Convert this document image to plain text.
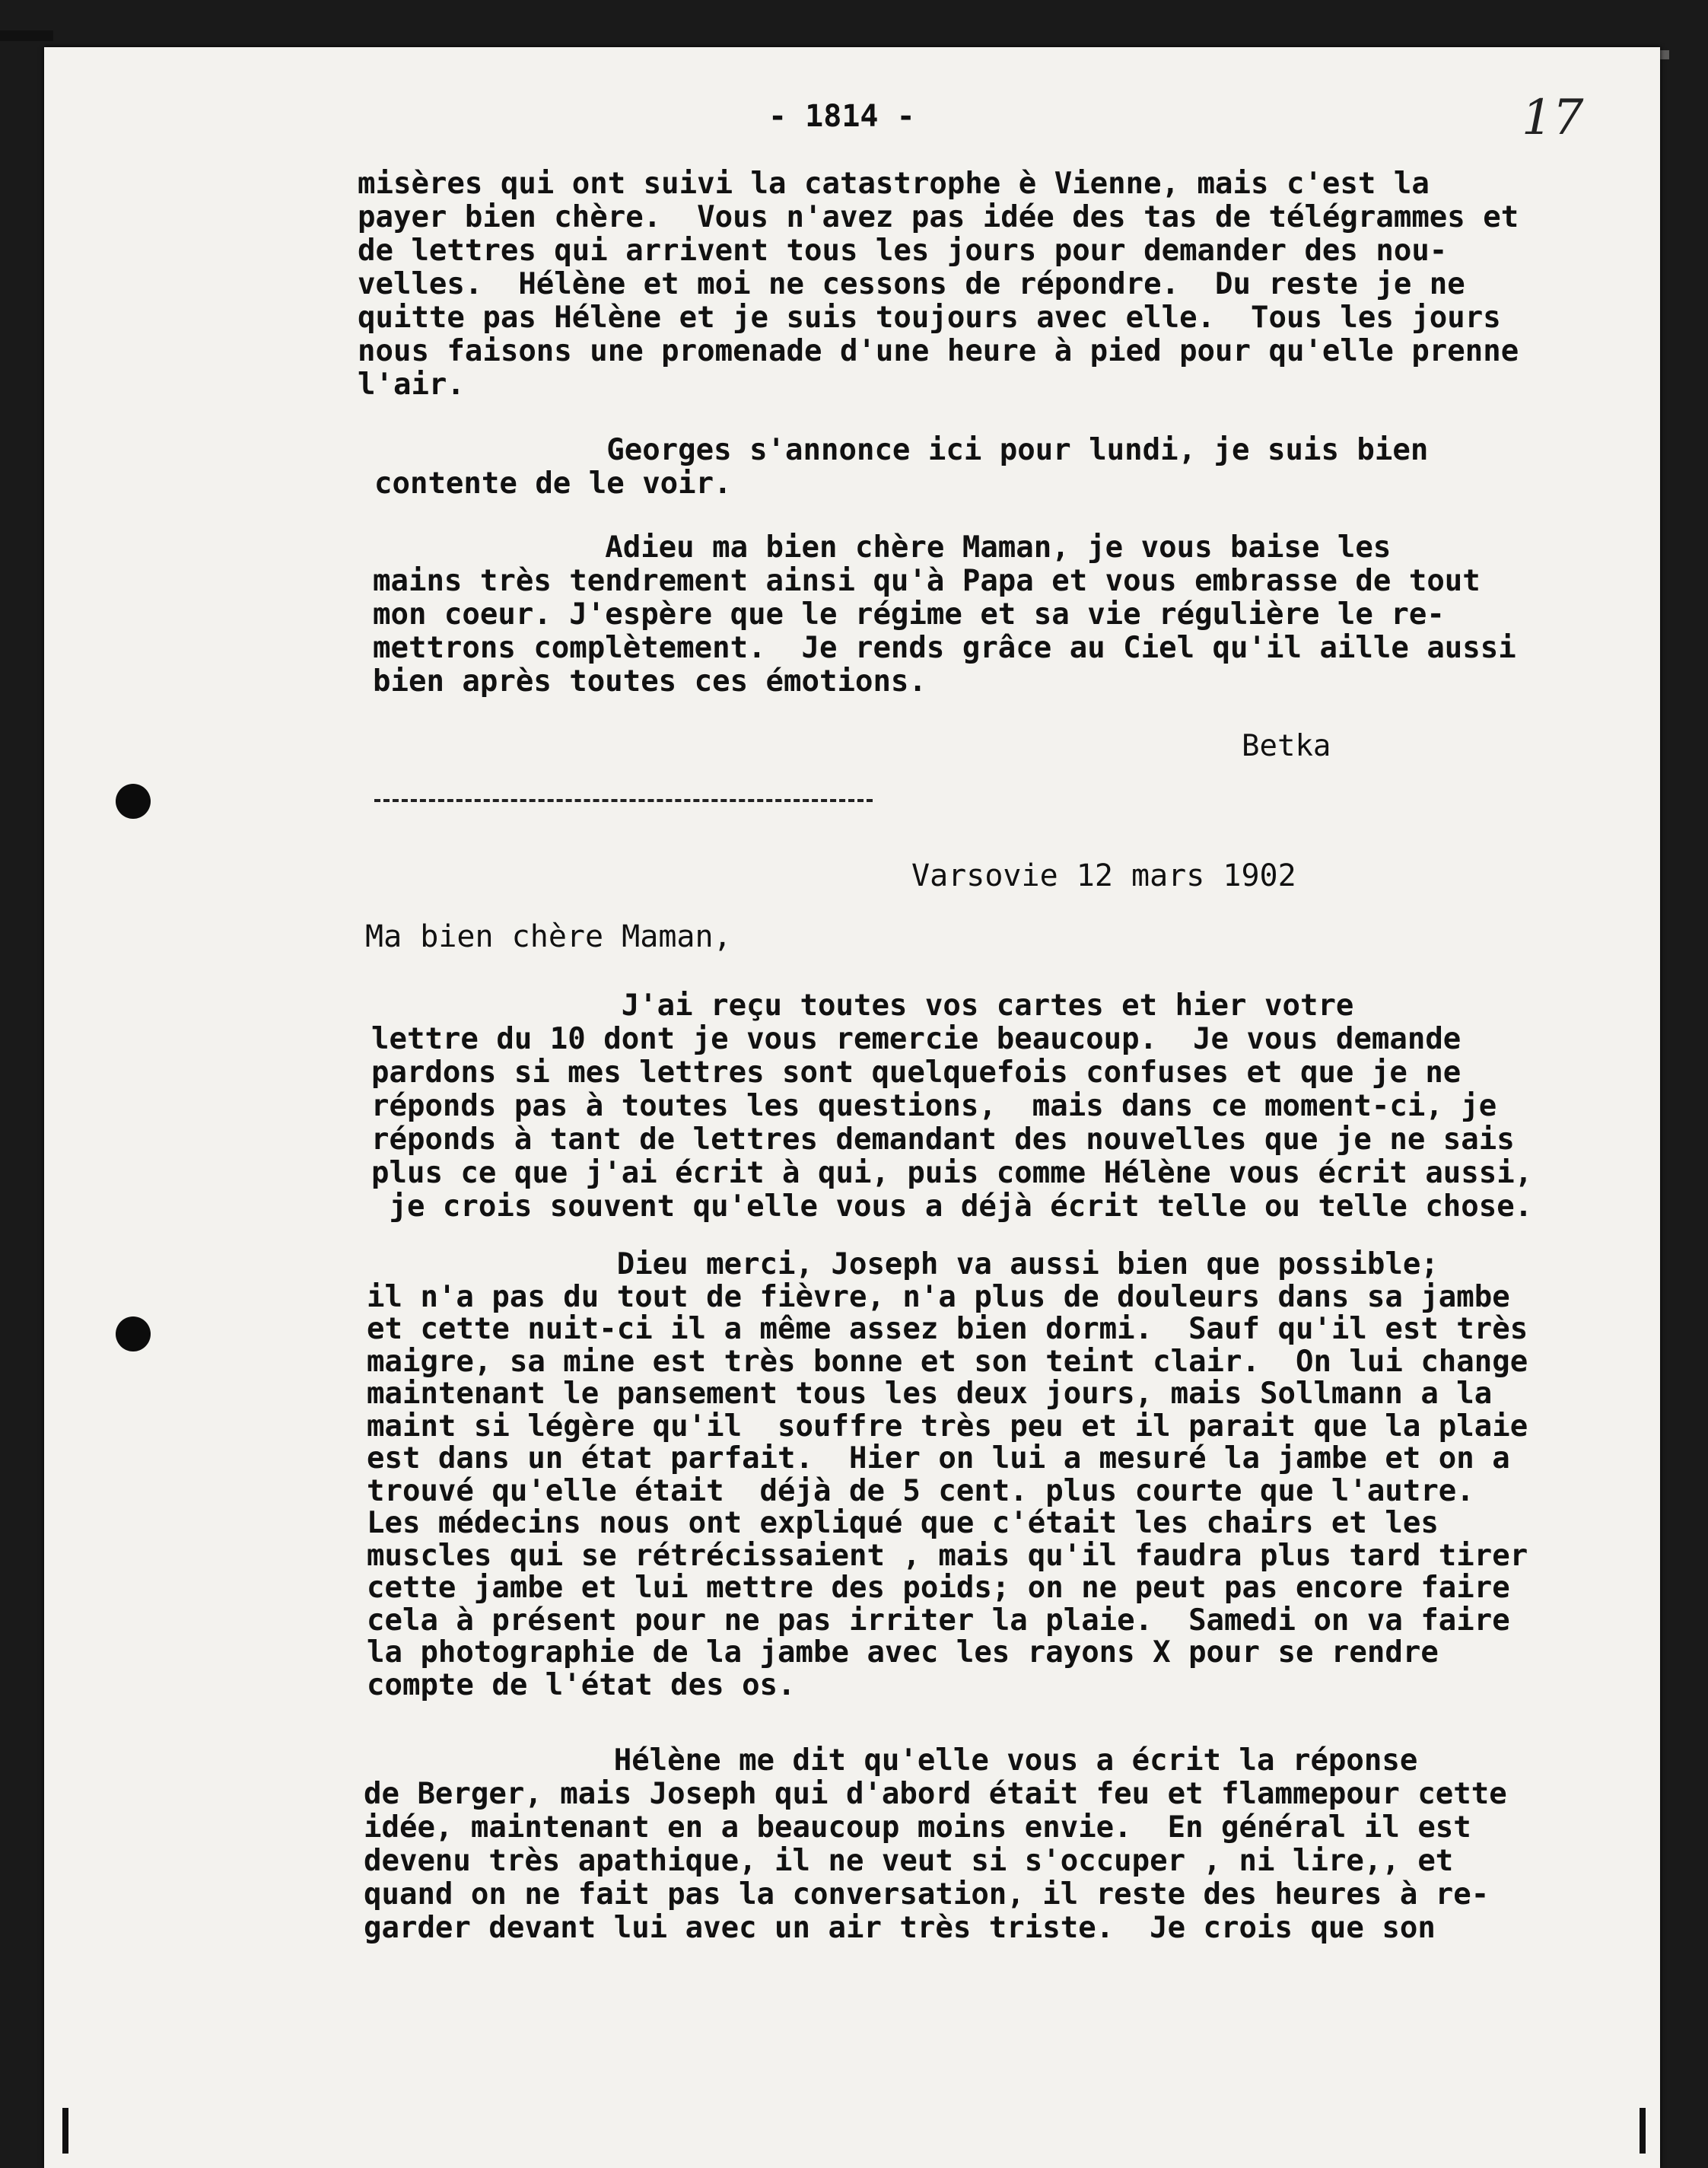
- 1814 -	17
misères qui ont suivi la catastrophe è Vienne, mais c'est la
payer bien chère.  Vous n'avez pas idée des tas de télégrammes et
de lettres qui arrivent tous les jours pour demander des nou-
velles.  Hélène et moi ne cessons de répondre.  Du reste je ne
quitte pas Hélène et je suis toujours avec elle.  Tous les jours
nous faisons une promenade d'une heure à pied pour qu'elle prenne
l'air.
Georges s'annonce ici pour lundi, je suis bien
contente de le voir.
Adieu ma bien chère Maman, je vous baise les
mains très tendrement ainsi qu'à Papa et vous embrasse de tout
mon coeur. J'espère que le régime et sa vie régulière le re-
mettrons complètement.  Je rends grâce au Ciel qu'il aille aussi
bien après toutes ces émotions.
Betka
Varsovie 12 mars 1902
Ma bien chère Maman,
J'ai reçu toutes vos cartes et hier votre
lettre du 10 dont je vous remercie beaucoup.  Je vous demande
pardons si mes lettres sont quelquefois confuses et que je ne
réponds pas à toutes les questions,  mais dans ce moment-ci, je
réponds à tant de lettres demandant des nouvelles que je ne sais
plus ce que j'ai écrit à qui, puis comme Hélène vous écrit aussi,
je crois souvent qu'elle vous a déjà écrit telle ou telle chose.
Dieu merci, Joseph va aussi bien que possible;
il n'a pas du tout de fièvre, n'a plus de douleurs dans sa jambe
et cette nuit-ci il a même assez bien dormi.  Sauf qu'il est très
maigre, sa mine est très bonne et son teint clair.  On lui change
maintenant le pansement tous les deux jours, mais Sollmann a la
maint si légère qu'il  souffre très peu et il parait que la plaie
est dans un état parfait.  Hier on lui a mesuré la jambe et on a
trouvé qu'elle était  déjà de 5 cent. plus courte que l'autre.
Les médecins nous ont expliqué que c'était les chairs et les
muscles qui se rétrécissaient , mais qu'il faudra plus tard tirer
cette jambe et lui mettre des poids; on ne peut pas encore faire
cela à présent pour ne pas irriter la plaie.  Samedi on va faire
la photographie de la jambe avec les rayons X pour se rendre
compte de l'état des os.
Hélène me dit qu'elle vous a écrit la réponse
de Berger, mais Joseph qui d'abord était feu et flammepour cette
idée, maintenant en a beaucoup moins envie.  En général il est
devenu très apathique, il ne veut si s'occuper , ni lire,, et
quand on ne fait pas la conversation, il reste des heures à re-
garder devant lui avec un air très triste.  Je crois que son
